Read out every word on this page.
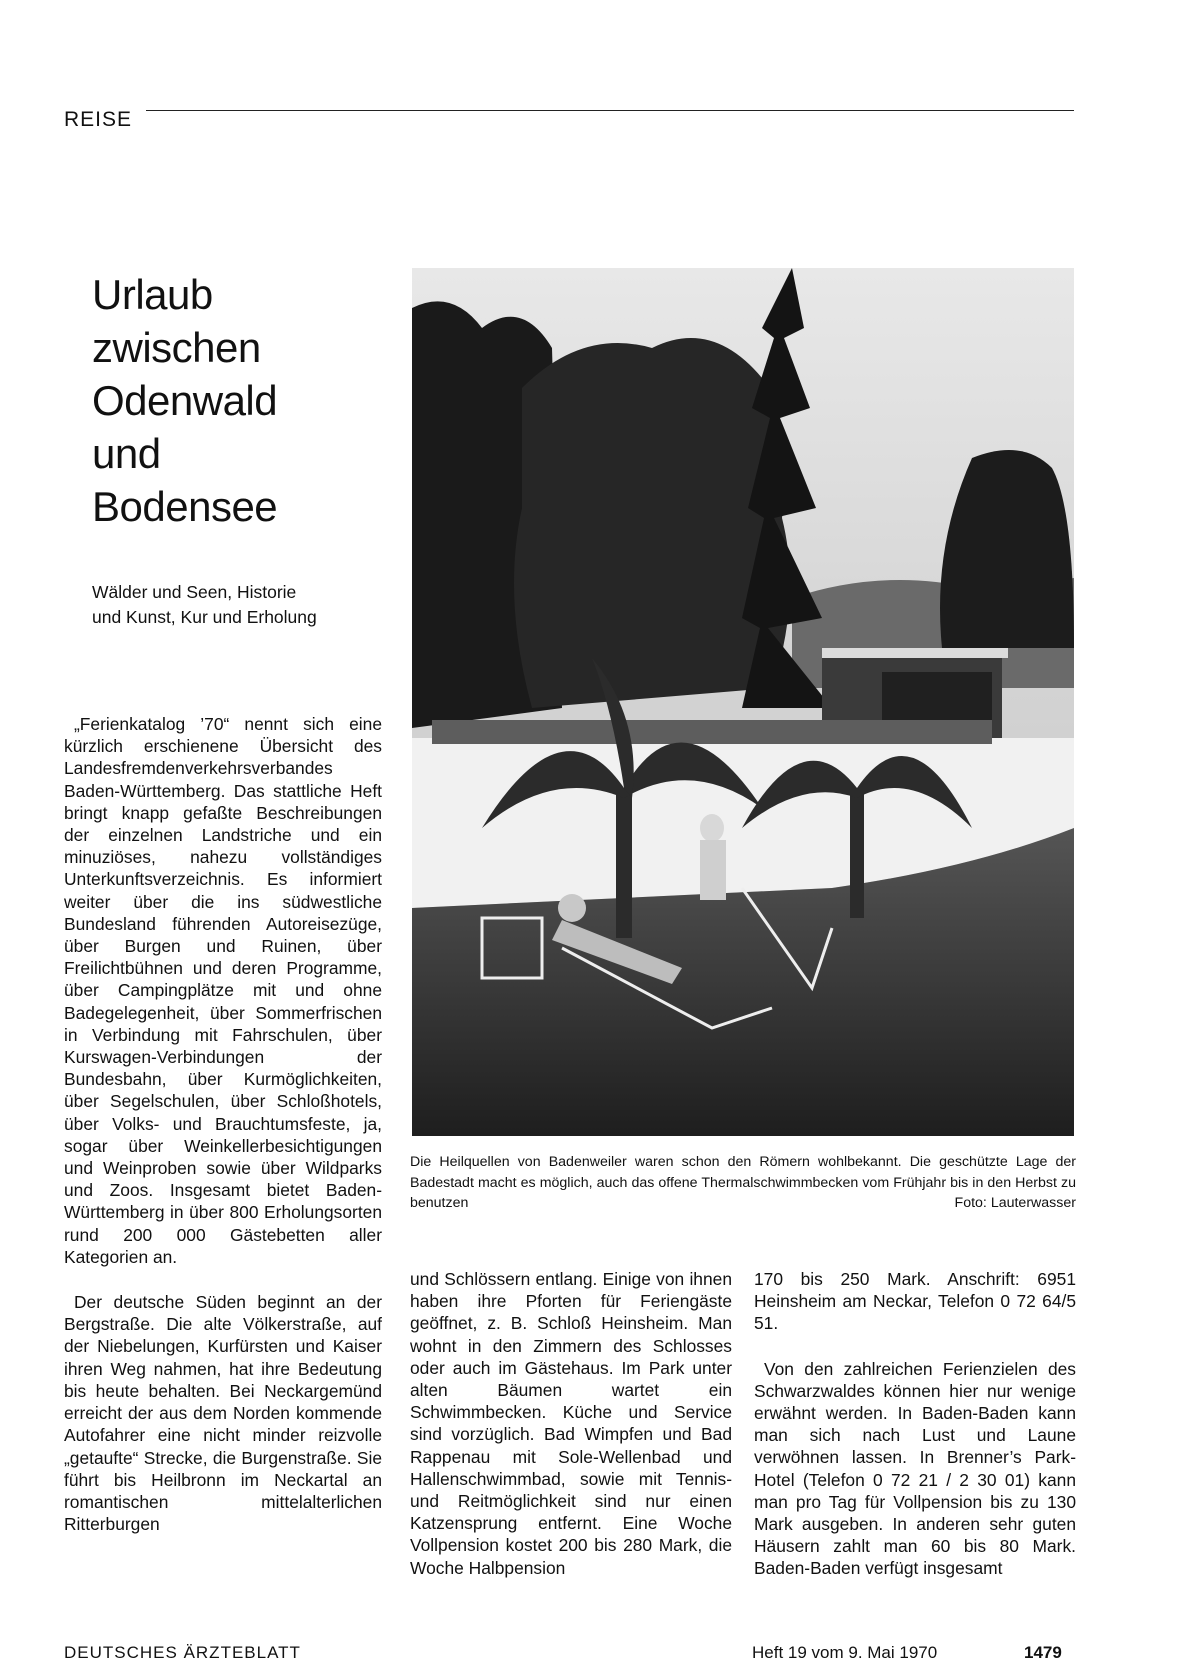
REISE
Urlaub
zwischen
Odenwald
und
Bodensee
Wälder und Seen, Historie
und Kunst, Kur und Erholung

„Ferienkatalog ’70“ nennt sich eine kürzlich erschienene Übersicht des Landesfremdenverkehrsverbandes Baden-Württemberg. Das stattliche Heft bringt knapp gefaßte Beschreibungen der einzelnen Landstriche und ein minuziöses, nahezu vollständiges Unterkunftsverzeichnis. Es informiert weiter über die ins südwestliche Bundesland führenden Autoreisezüge, über Burgen und Ruinen, über Freilichtbühnen und deren Programme, über Campingplätze mit und ohne Badegelegenheit, über Sommerfrischen in Verbindung mit Fahrschulen, über Kurswagen-Verbindungen der Bundesbahn, über Kurmöglichkeiten, über Segelschulen, über Schloßhotels, über Volks- und Brauchtumsfeste, ja, sogar über Weinkellerbesichtigungen und Weinproben sowie über Wildparks und Zoos. Insgesamt bietet Baden-Württemberg in über 800 Erholungsorten rund 200 000 Gästebetten aller Kategorien an.

Der deutsche Süden beginnt an der Bergstraße. Die alte Völkerstraße, auf der Niebelungen, Kurfürsten und Kaiser ihren Weg nahmen, hat ihre Bedeutung bis heute behalten. Bei Neckargemünd erreicht der aus dem Norden kommende Autofahrer eine nicht minder reizvolle „getaufte“ Strecke, die Burgenstraße. Sie führt bis Heilbronn im Neckartal an romantischen mittelalterlichen Ritterburgen

Die Heilquellen von Badenweiler waren schon den Römern wohlbekannt. Die geschützte Lage der Badestadt macht es möglich, auch das offene Thermalschwimmbecken vom Frühjahr bis in den Herbst zu benutzen	Foto: Lauterwasser

und Schlössern entlang. Einige von ihnen haben ihre Pforten für Feriengäste geöffnet, z. B. Schloß Heinsheim. Man wohnt in den Zimmern des Schlosses oder auch im Gästehaus. Im Park unter alten Bäumen wartet ein Schwimmbecken. Küche und Service sind vorzüglich. Bad Wimpfen und Bad Rappenau mit Sole-Wellenbad und Hallenschwimmbad, sowie mit Tennis- und Reitmöglichkeit sind nur einen Katzensprung entfernt. Eine Woche Vollpension kostet 200 bis 280 Mark, die Woche Halbpension

170 bis 250 Mark. Anschrift: 6951 Heinsheim am Neckar, Telefon 0 72 64/5 51.

Von den zahlreichen Ferienzielen des Schwarzwaldes können hier nur wenige erwähnt werden. In Baden-Baden kann man sich nach Lust und Laune verwöhnen lassen. In Brenner’s Park-Hotel (Telefon 0 72 21 / 2 30 01) kann man pro Tag für Vollpension bis zu 130 Mark ausgeben. In anderen sehr guten Häusern zahlt man 60 bis 80 Mark. Baden-Baden verfügt insgesamt

DEUTSCHES ÄRZTEBLATT	Heft 19 vom 9. Mai 1970	1479
